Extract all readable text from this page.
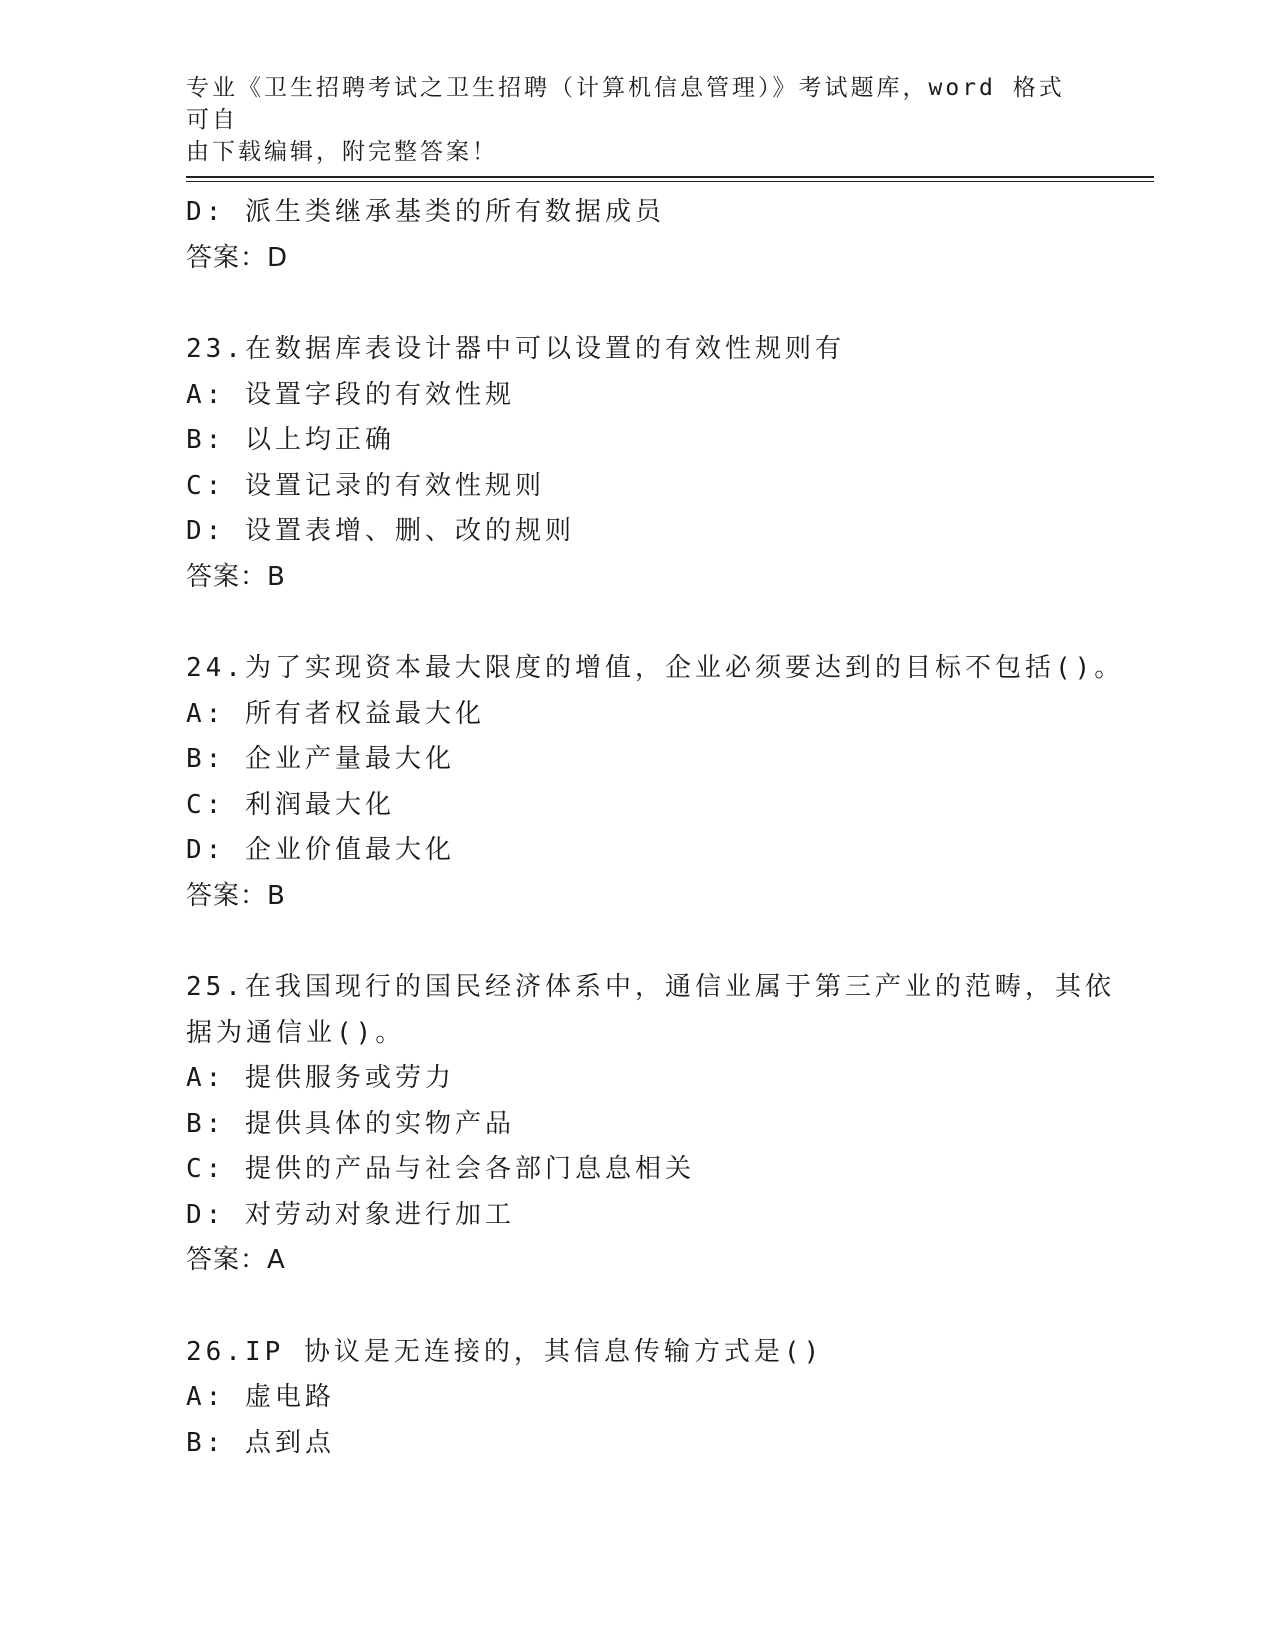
专业《卫生招聘考试之卫生招聘（计算机信息管理）》考试题库，word 格式可自

由下载编辑，附完整答案！

D: 派生类继承基类的所有数据成员
答案：D
23.在数据库表设计器中可以设置的有效性规则有
A: 设置字段的有效性规
B: 以上均正确
C: 设置记录的有效性规则
D: 设置表增、删、改的规则
答案：B
24.为了实现资本最大限度的增值，企业必须要达到的目标不包括()。
A: 所有者权益最大化
B: 企业产量最大化
C: 利润最大化
D: 企业价值最大化
答案：B
25.在我国现行的国民经济体系中，通信业属于第三产业的范畴，其依
据为通信业()。
A: 提供服务或劳力
B: 提供具体的实物产品
C: 提供的产品与社会各部门息息相关
D: 对劳动对象进行加工
答案：A
26.IP 协议是无连接的，其信息传输方式是()
A: 虚电路
B: 点到点
